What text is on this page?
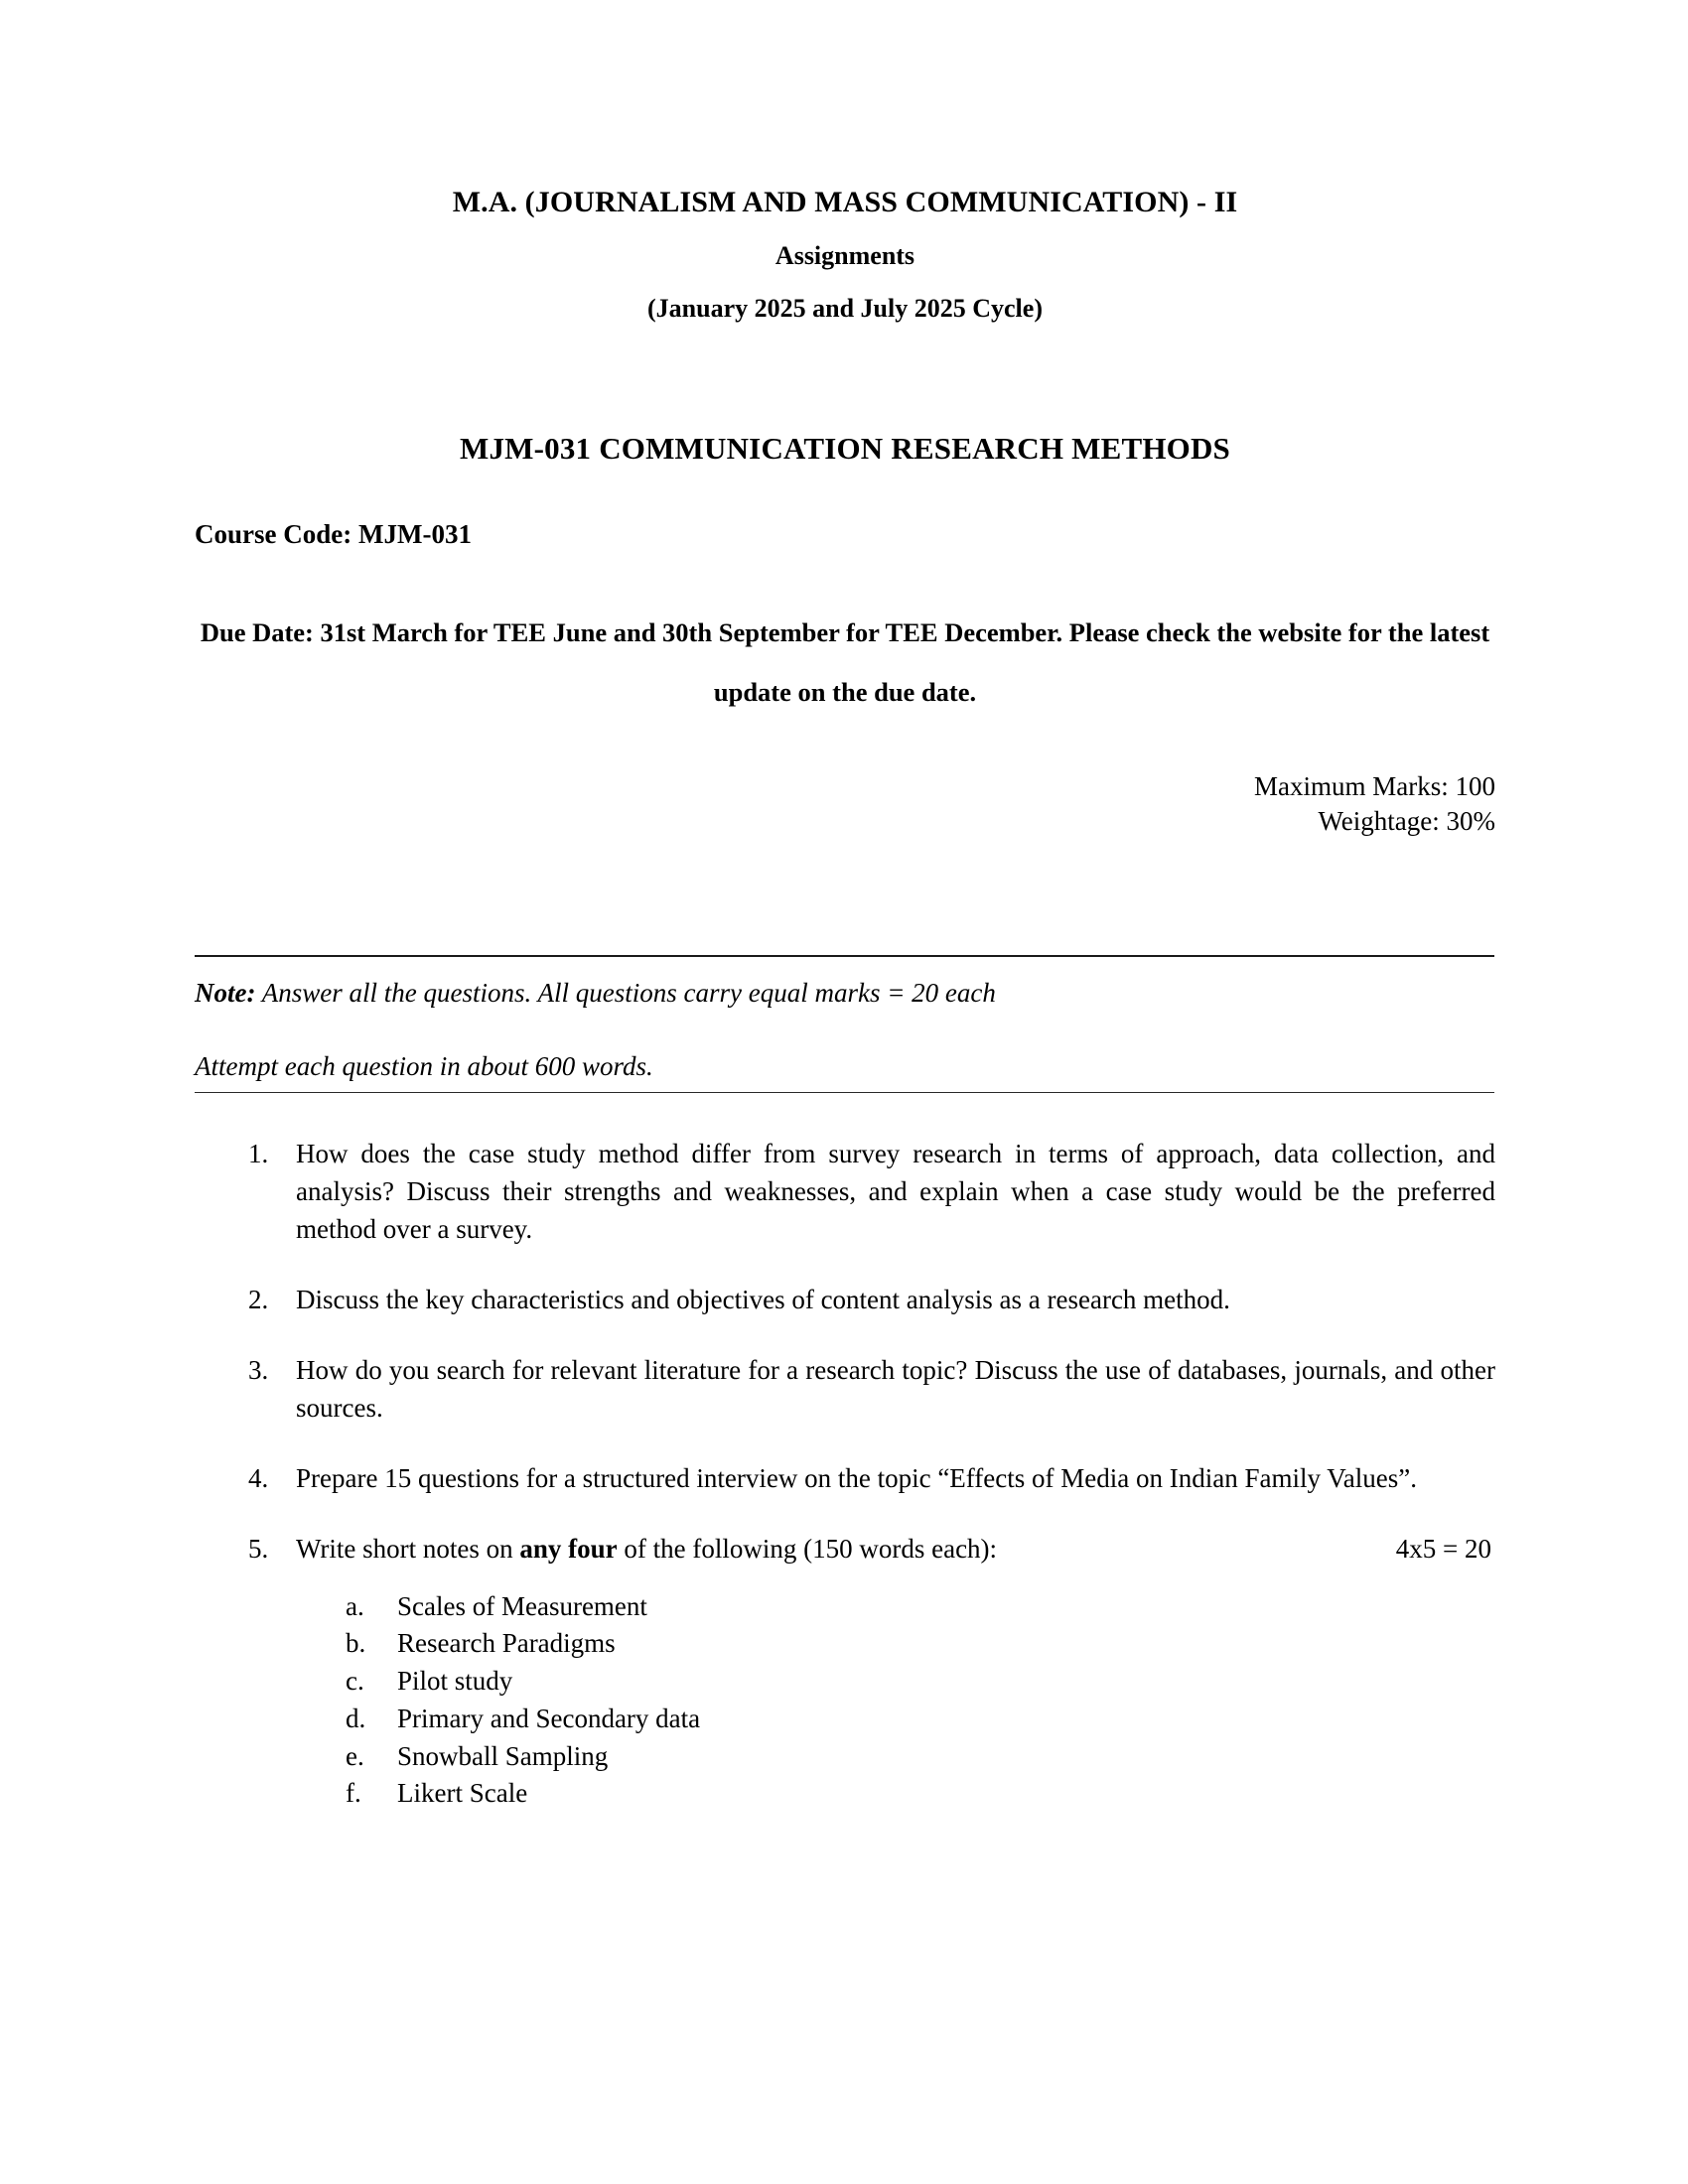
M.A. (JOURNALISM AND MASS COMMUNICATION) - II
Assignments
(January 2025 and July 2025 Cycle)
MJM-031 COMMUNICATION RESEARCH METHODS
Course Code: MJM-031
Due Date: 31st March for TEE June and 30th September for TEE December. Please check the website for the latest update on the due date.
Maximum Marks: 100
Weightage: 30%
Note: Answer all the questions. All questions carry equal marks = 20 each
Attempt each question in about 600 words.
1.	How does the case study method differ from survey research in terms of approach, data collection, and analysis? Discuss their strengths and weaknesses, and explain when a case study would be the preferred method over a survey.
2.	Discuss the key characteristics and objectives of content analysis as a research method.
3.	How do you search for relevant literature for a research topic? Discuss the use of databases, journals, and other sources.
4.	Prepare 15 questions for a structured interview on the topic “Effects of Media on Indian Family Values”.
5.	Write short notes on any four of the following (150 words each):	4x5 = 20
a.	Scales of Measurement
b.	Research Paradigms
c.	Pilot study
d.	Primary and Secondary data
e.	Snowball Sampling
f.	Likert Scale
